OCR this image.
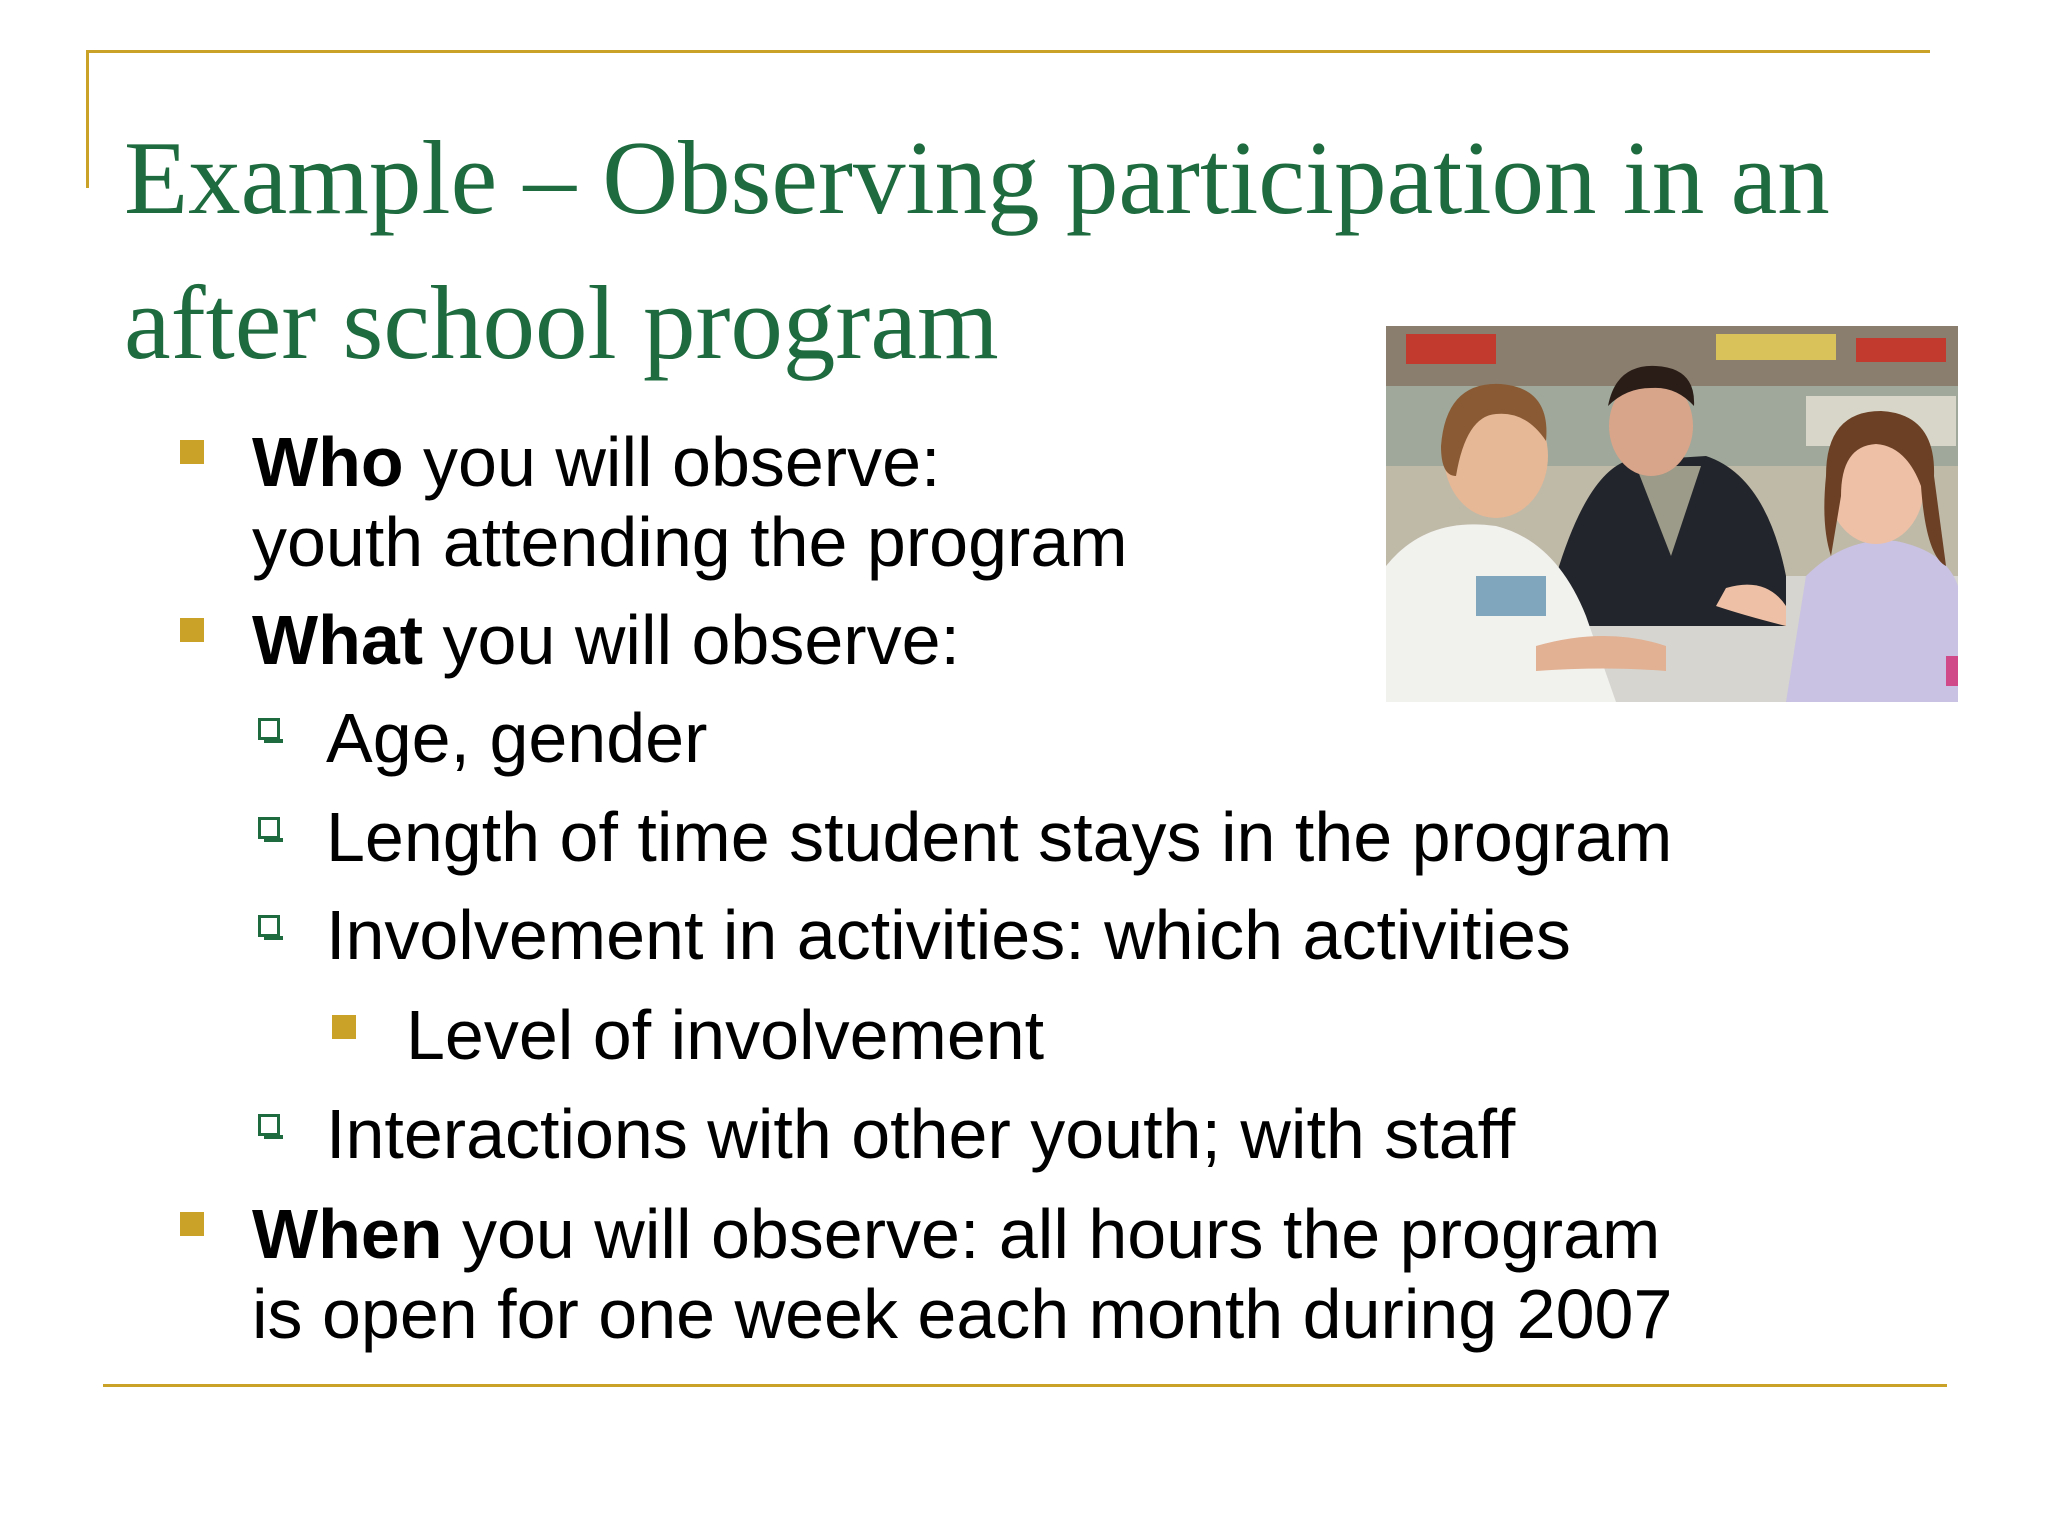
Example – Observing participation in an after school program
Who you will observe:
youth attending the program
What you will observe:
Age, gender
Length of time student stays in the program
Involvement in activities: which activities
Level of involvement
Interactions with other youth; with staff
When you will observe: all hours the program
is open for one week each month during 2007
